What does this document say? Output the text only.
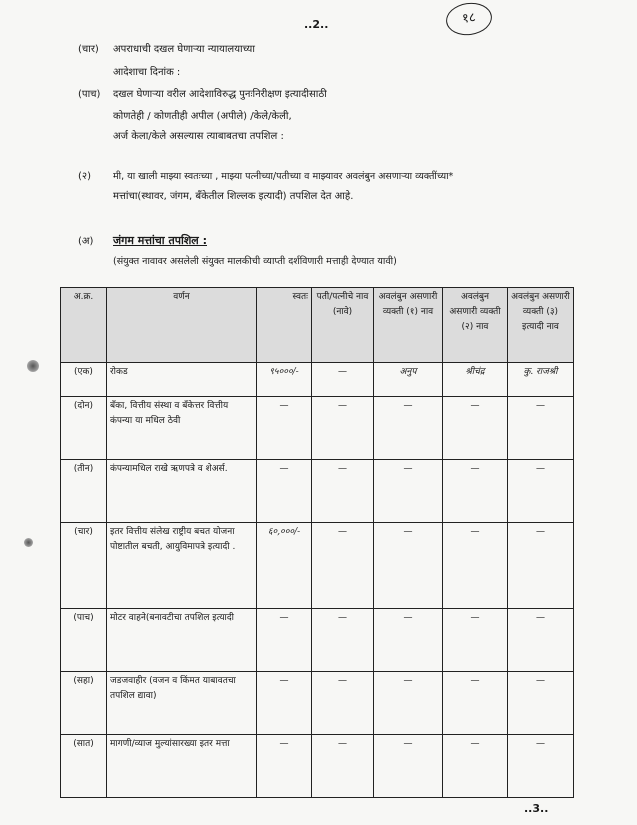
..2..	१८
(चार) अपराधाची दखल घेणाऱ्या न्यायालयाच्या
आदेशाचा दिनांक :
(पाच) दखल घेणाऱ्या वरील आदेशाविरुद्ध पुनःनिरीक्षण इत्यादीसाठी
कोणतेही / कोणतीही अपील (अपीले) /केले/केली,
अर्ज केला/केले असल्यास त्याबाबतचा तपशिल :
(२) मी, या खाली माझ्या स्वतःच्या , माझ्या पत्नीच्या/पतीच्या व माझ्यावर अवलंबुन असणाऱ्या व्यक्तींच्या*
मत्तांचा(स्थावर, जंगम, बँकेतील शिल्लक इत्यादी) तपशिल देत आहे.
(अ) जंगम मत्तांचा तपशिल :
(संयुक्त नावावर असलेली संयुक्त मालकीची व्याप्ती दर्शविणारी मत्ताही देण्यात यावी)
अ.क्र.	वर्णन	स्वतः	पती/पत्नीचे नाव (नावे)	अवलंबुन असणारी व्यक्ती (१) नाव	अवलंबुन असणारी व्यक्ती (२) नाव	अवलंबुन असणारी व्यक्ती (३) इत्यादी नाव
(एक)	रोकड	९५०००/-	—	अनुप	श्रीचंद्र	कु. राजश्री
(दोन)	बँका, वित्तीय संस्था व बँकेत्तर वित्तीय कंपन्या या मधिल ठेवी	—	—	—	—	—
(तीन)	कंपन्यामधिल राखे ऋणपत्रे व शेअर्स.	—	—	—	—	—
(चार)	इतर वित्तीय संलेख राष्ट्रीय बचत योजना पोष्टातील बचती, आयुविमापत्रे इत्यादी .	६०,०००/-	—	—	—	—
(पाच)	मोटर वाहने(बनावटीचा तपशिल इत्यादी	—	—	—	—	—
(सहा)	जडजवाहीर (वजन व किंमत याबावतचा तपशिल द्यावा)	—	—	—	—	—
(सात)	मागणी/व्याज मुल्यांसारख्या इतर मत्ता	—	—	—	—	—
..3..
